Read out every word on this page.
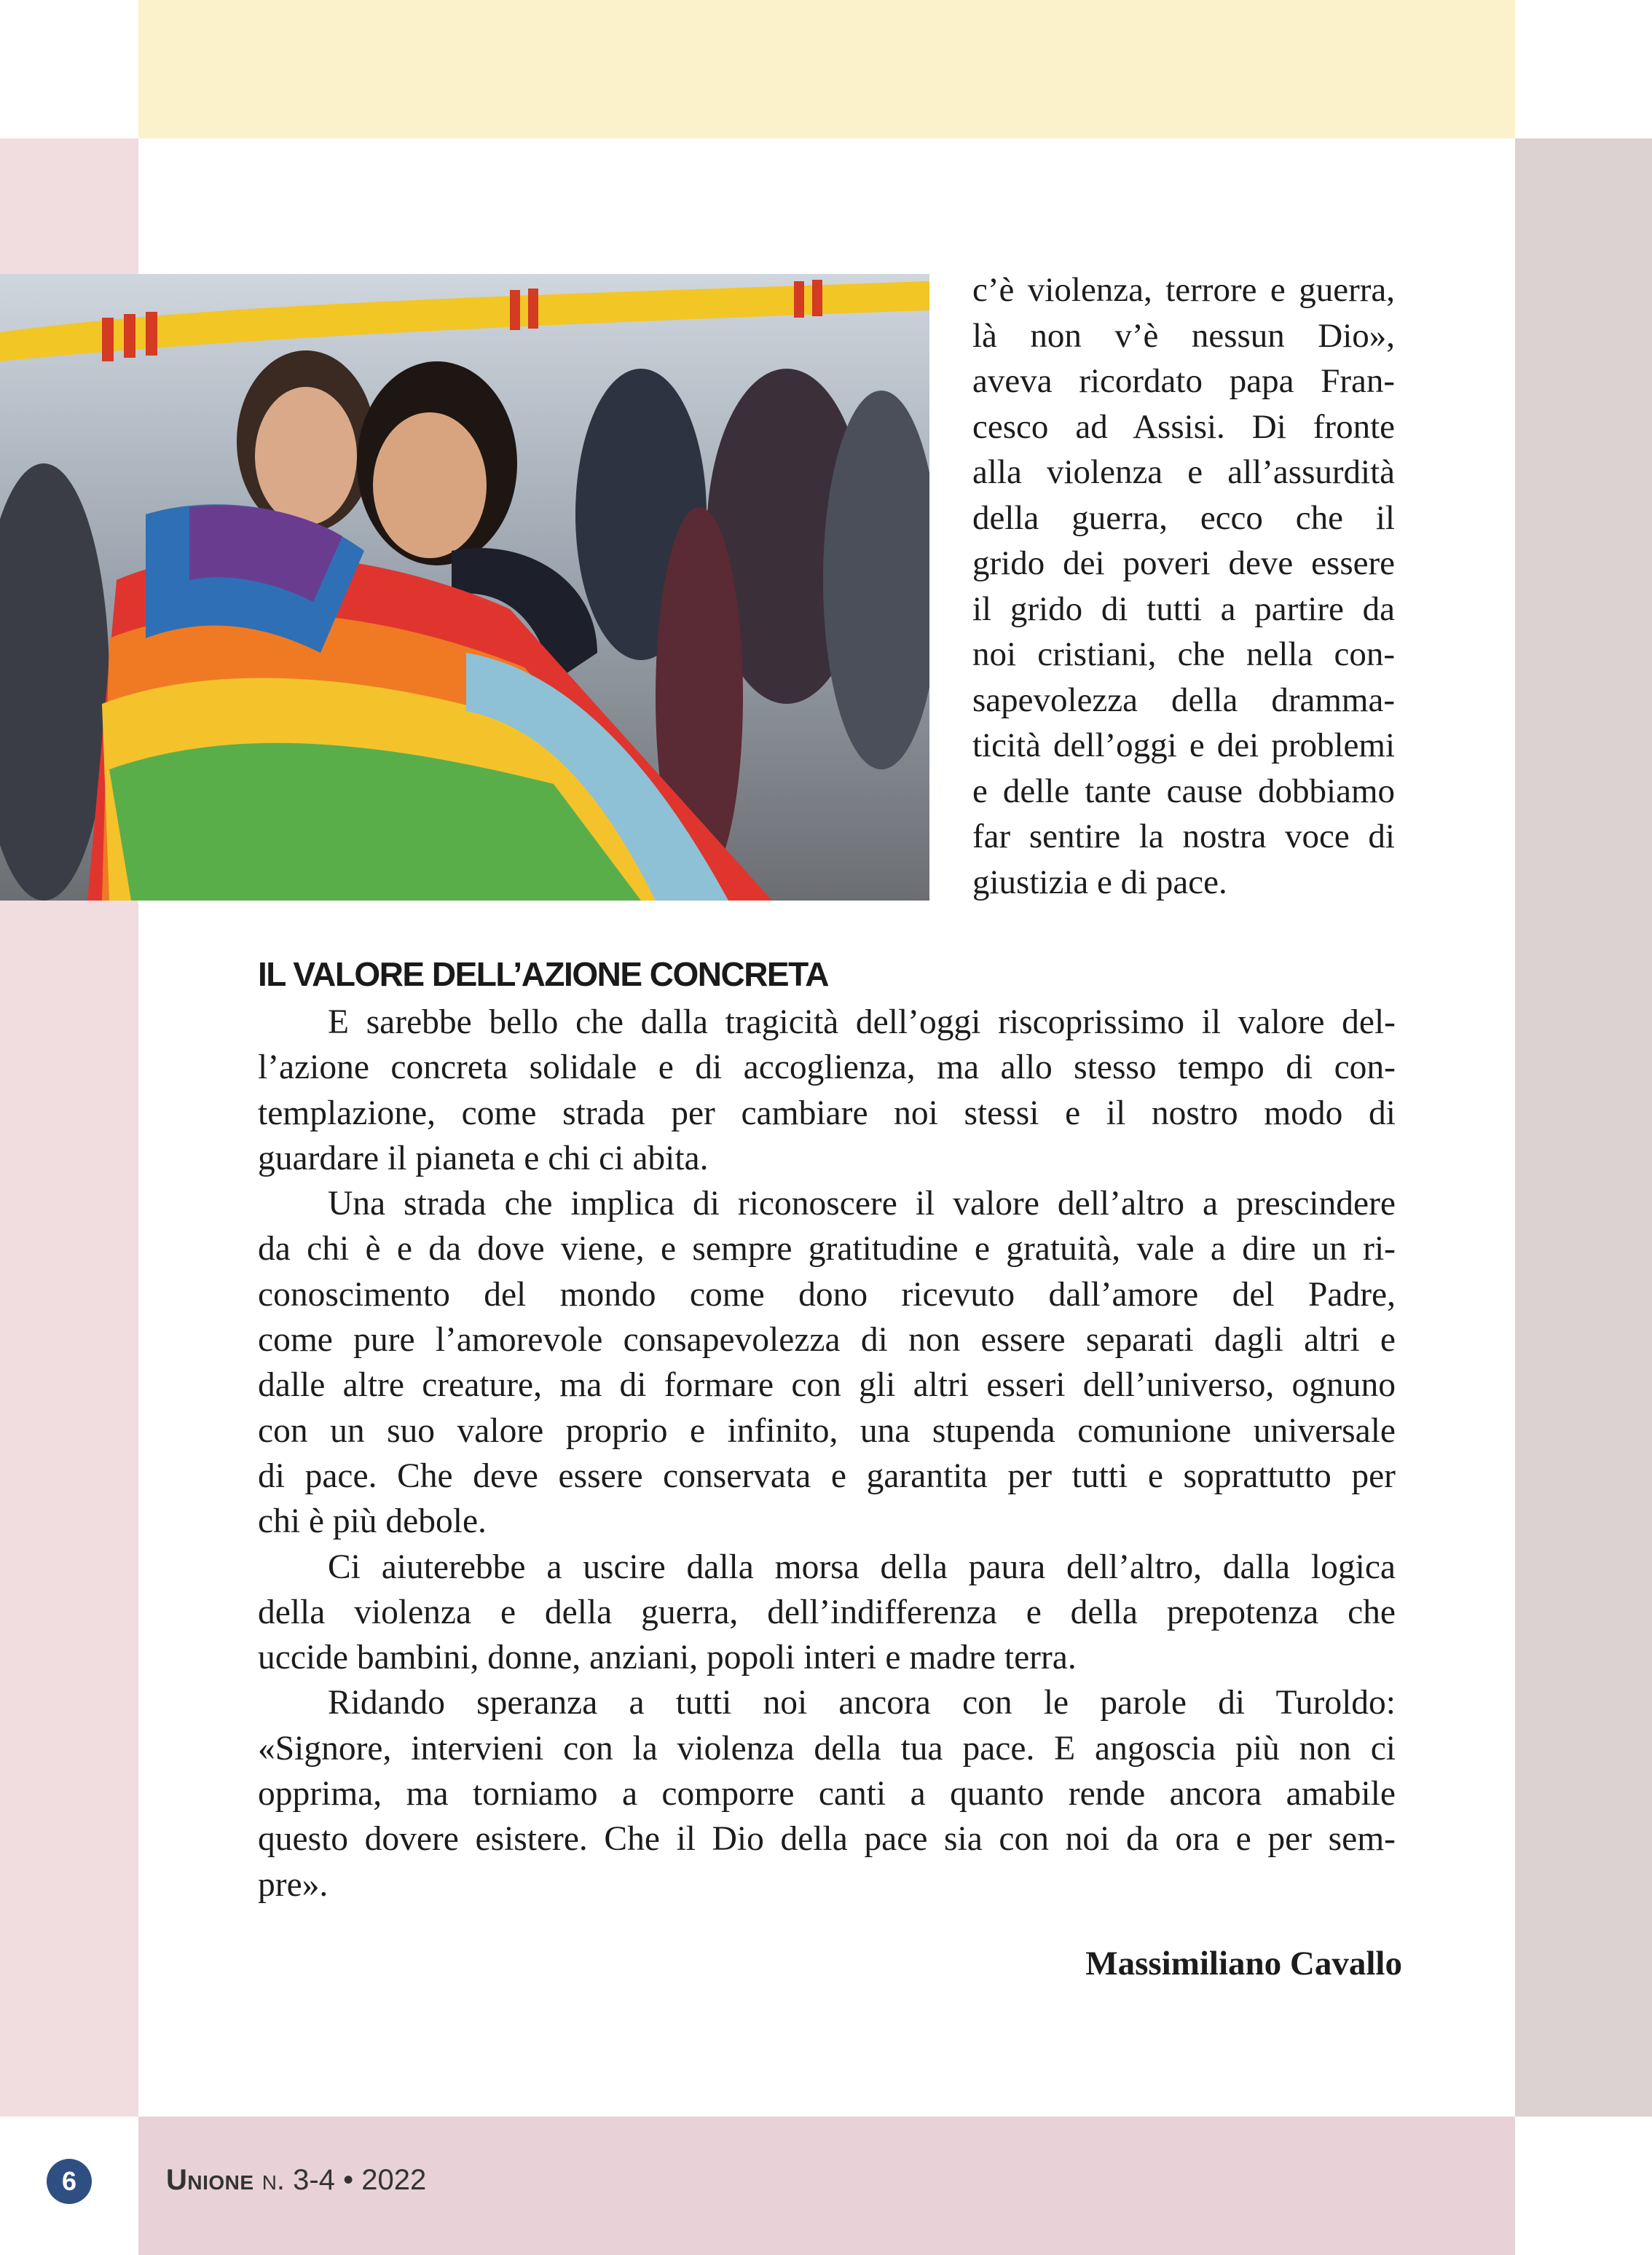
c’è violenza, terrore e guerra,
là non v’è nessun Dio»,
aveva ricordato papa Fran-
cesco ad Assisi. Di fronte
alla violenza e all’assurdità
della guerra, ecco che il
grido dei poveri deve essere
il grido di tutti a partire da
noi cristiani, che nella con-
sapevolezza della dramma-
ticità dell’oggi e dei problemi
e delle tante cause dobbiamo
far sentire la nostra voce di
giustizia e di pace.
IL VALORE DELL’AZIONE CONCRETA
E sarebbe bello che dalla tragicità dell’oggi riscoprissimo il valore del-
l’azione concreta solidale e di accoglienza, ma allo stesso tempo di con-
templazione, come strada per cambiare noi stessi e il nostro modo di
guardare il pianeta e chi ci abita.
Una strada che implica di riconoscere il valore dell’altro a prescindere
da chi è e da dove viene, e sempre gratitudine e gratuità, vale a dire un ri-
conoscimento del mondo come dono ricevuto dall’amore del Padre,
come pure l’amorevole consapevolezza di non essere separati dagli altri e
dalle altre creature, ma di formare con gli altri esseri dell’universo, ognuno
con un suo valore proprio e infinito, una stupenda comunione universale
di pace. Che deve essere conservata e garantita per tutti e soprattutto per
chi è più debole.
Ci aiuterebbe a uscire dalla morsa della paura dell’altro, dalla logica
della violenza e della guerra, dell’indifferenza e della prepotenza che
uccide bambini, donne, anziani, popoli interi e madre terra.
Ridando speranza a tutti noi ancora con le parole di Turoldo:
«Signore, intervieni con la violenza della tua pace. E angoscia più non ci
opprima, ma torniamo a comporre canti a quanto rende ancora amabile
questo dovere esistere. Che il Dio della pace sia con noi da ora e per sem-
pre».

Massimiliano Cavallo

6	Unione n. 3-4 • 2022
